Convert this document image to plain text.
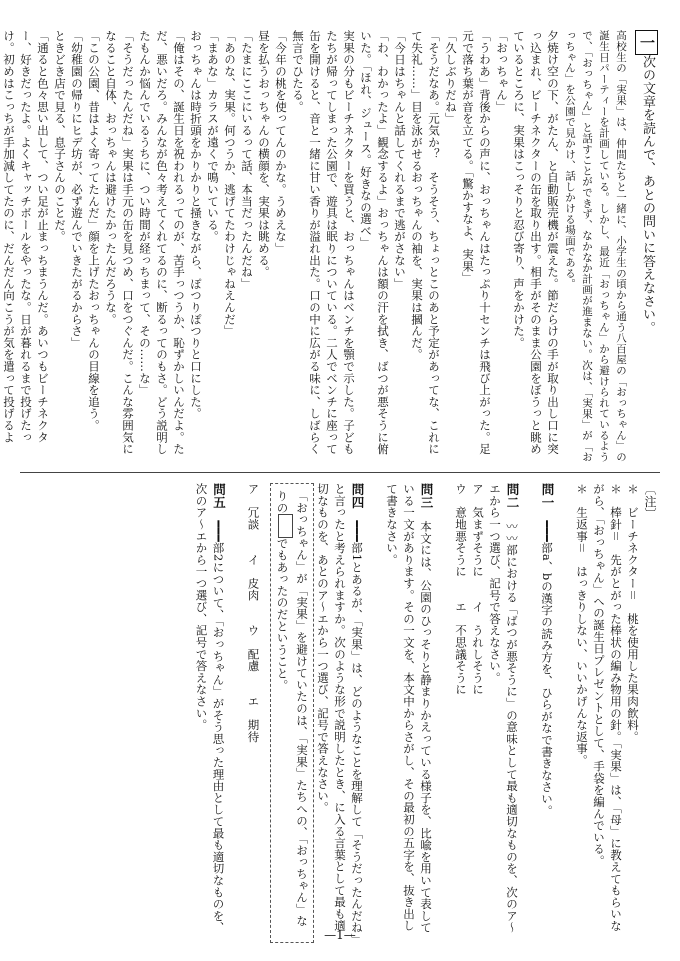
一次の文章を読んで、あとの問いに答えなさい。
高校生の「実果」は、仲間たちと一緒に、小学生の頃から通う八百屋の「おっちゃん」の誕生日パーティーを計画している。しかし、最近「おっちゃん」から避けられているようで、「おっちゃん」と話すことができず、なかなか計画が進まない。次は、「実果」が「おっちゃん」を公園で見かけ、話しかける場面である。
夕焼け空の下、がたん、と自動販売機が震えた。節だらけの手が取り出し口に突っ込まれ、ビーチネクターの缶を取り出す。相手がそのまま公園をぼうっと眺めているところに、実果はこっそりと忍び寄り、声をかけた。
「おっちゃん」
「うわあ」背後からの声に、おっちゃんはたっぷり十センチは飛び上がった。足元で落ち葉が音を立てる。「驚かすなよ、実果」
「久しぶりだね」
「そうだなあ。元気か？　そうそう、ちょっとこのあと予定があってな、これにて失礼……」目を泳がせるおっちゃんの袖を、実果は摑んだ。
「今日はちゃんと話してくれるまで逃がさない」
「わ、わかったよ」観念するよ」おっちゃんは額の汗を拭き、ばつが悪そうに俯いた。「ほれ、ジュース。好きなの選べ」
実果の分もビーチネクターを買うと、おっちゃんはベンチを顎で示した。子どもたちが帰ってしまった公園で、遊具は眠りについている。二人でベンチに座って缶を開けると、音と一緒に甘い香りが溢れ出た。口の中に広がる味に、しばらく無言でひたる。
「今年の桃を使ってんのかな。うめえな」
昼を払うおっちゃんの横顔を、実果は眺める。
「たまにここにいるって話、本当だったんだね」
「あのな、実果。何つうか、逃げてたわけじゃねえんだ」
「まあな」カラスが遠くで鳴いている。
おっちゃんは時折頭をかりかりと掻きながら、ぽつりぽつりと口にした。
「俺はその、誕生日を祝われるってのが、苦手っつうか、恥ずかしいんだよ。ただ、悪いだろ。みんなが色々考えてくれてるのに、断るってのもさ。どう説明したもんか悩んでいるうちに、つい時間が経っちまって、その……な」
「そうだったんだね」実果は手元の缶を見つめ、口をつぐんだ。こんな雰囲気になること自体、おっちゃんは避けたかったんだろうな。
「この公園、昔はよく寄ってたんだ」顔を上げたおっちゃんの目線を追う。
「幼稚園の帰りにヒデ坊が、必ず遊んでいきたがるからさ」
ときどき店で見る、息子さんのことだ。
「通ると色々思い出して、つい足が止まっちまうんだ。あいつもビーチネクター、好きだったよ。よくキャッチボールをやったな。日が暮れるまで投げたっけ。初めはこっちが手加減してたのに、だんだん向こうが気を遣って投げるよ
〔注〕
＊　ビーチネクター＝　桃を使用した果肉飲料。
＊　棒針＝　先がとがった棒状の編み物用の針。「実果」は、「母」に教えてもらいながら、「おっちゃん」への誕生日プレゼントとして、手袋を編んでいる。
＊　生返事＝　はっきりしない、いいかげんな返事。

問一　━━━部a、bの漢字の読み方を、ひらがなで書きなさい。

問二　〰〰部における「ばつが悪そうに」の意味として最も適切なものを、次のア〜エから一つ選び、記号で答えなさい。
ア　気まずそうに　　イ　うれしそうに
ウ　意地悪そうに　　エ　不思議そうに

問三　本文には、公園のひっそりと静まりかえっている様子を、比喩を用いて表している一文があります。その一文を、本文中からさがし、その最初の五字を、抜き出して書きなさい。

問四　━━━部1とあるが、「実果」は、どのようなことを理解して「そうだったんだね」と言ったと考えられますか。次のような形で説明したとき、に入る言葉として最も適切なものを、あとのア〜エから一つ選び、記号で答えなさい。
「おっちゃん」が「実果」を避けていたのは、「実果」たちへの、「おっちゃん」なりのでもあったのだということ。
ア　冗談　　イ　皮肉　　ウ　配慮　　エ　期待

問五　━━━部2について、「おっちゃん」がそう思った理由として最も適切なものを、次のア〜エから一つ選び、記号で答えなさい。
—1—
